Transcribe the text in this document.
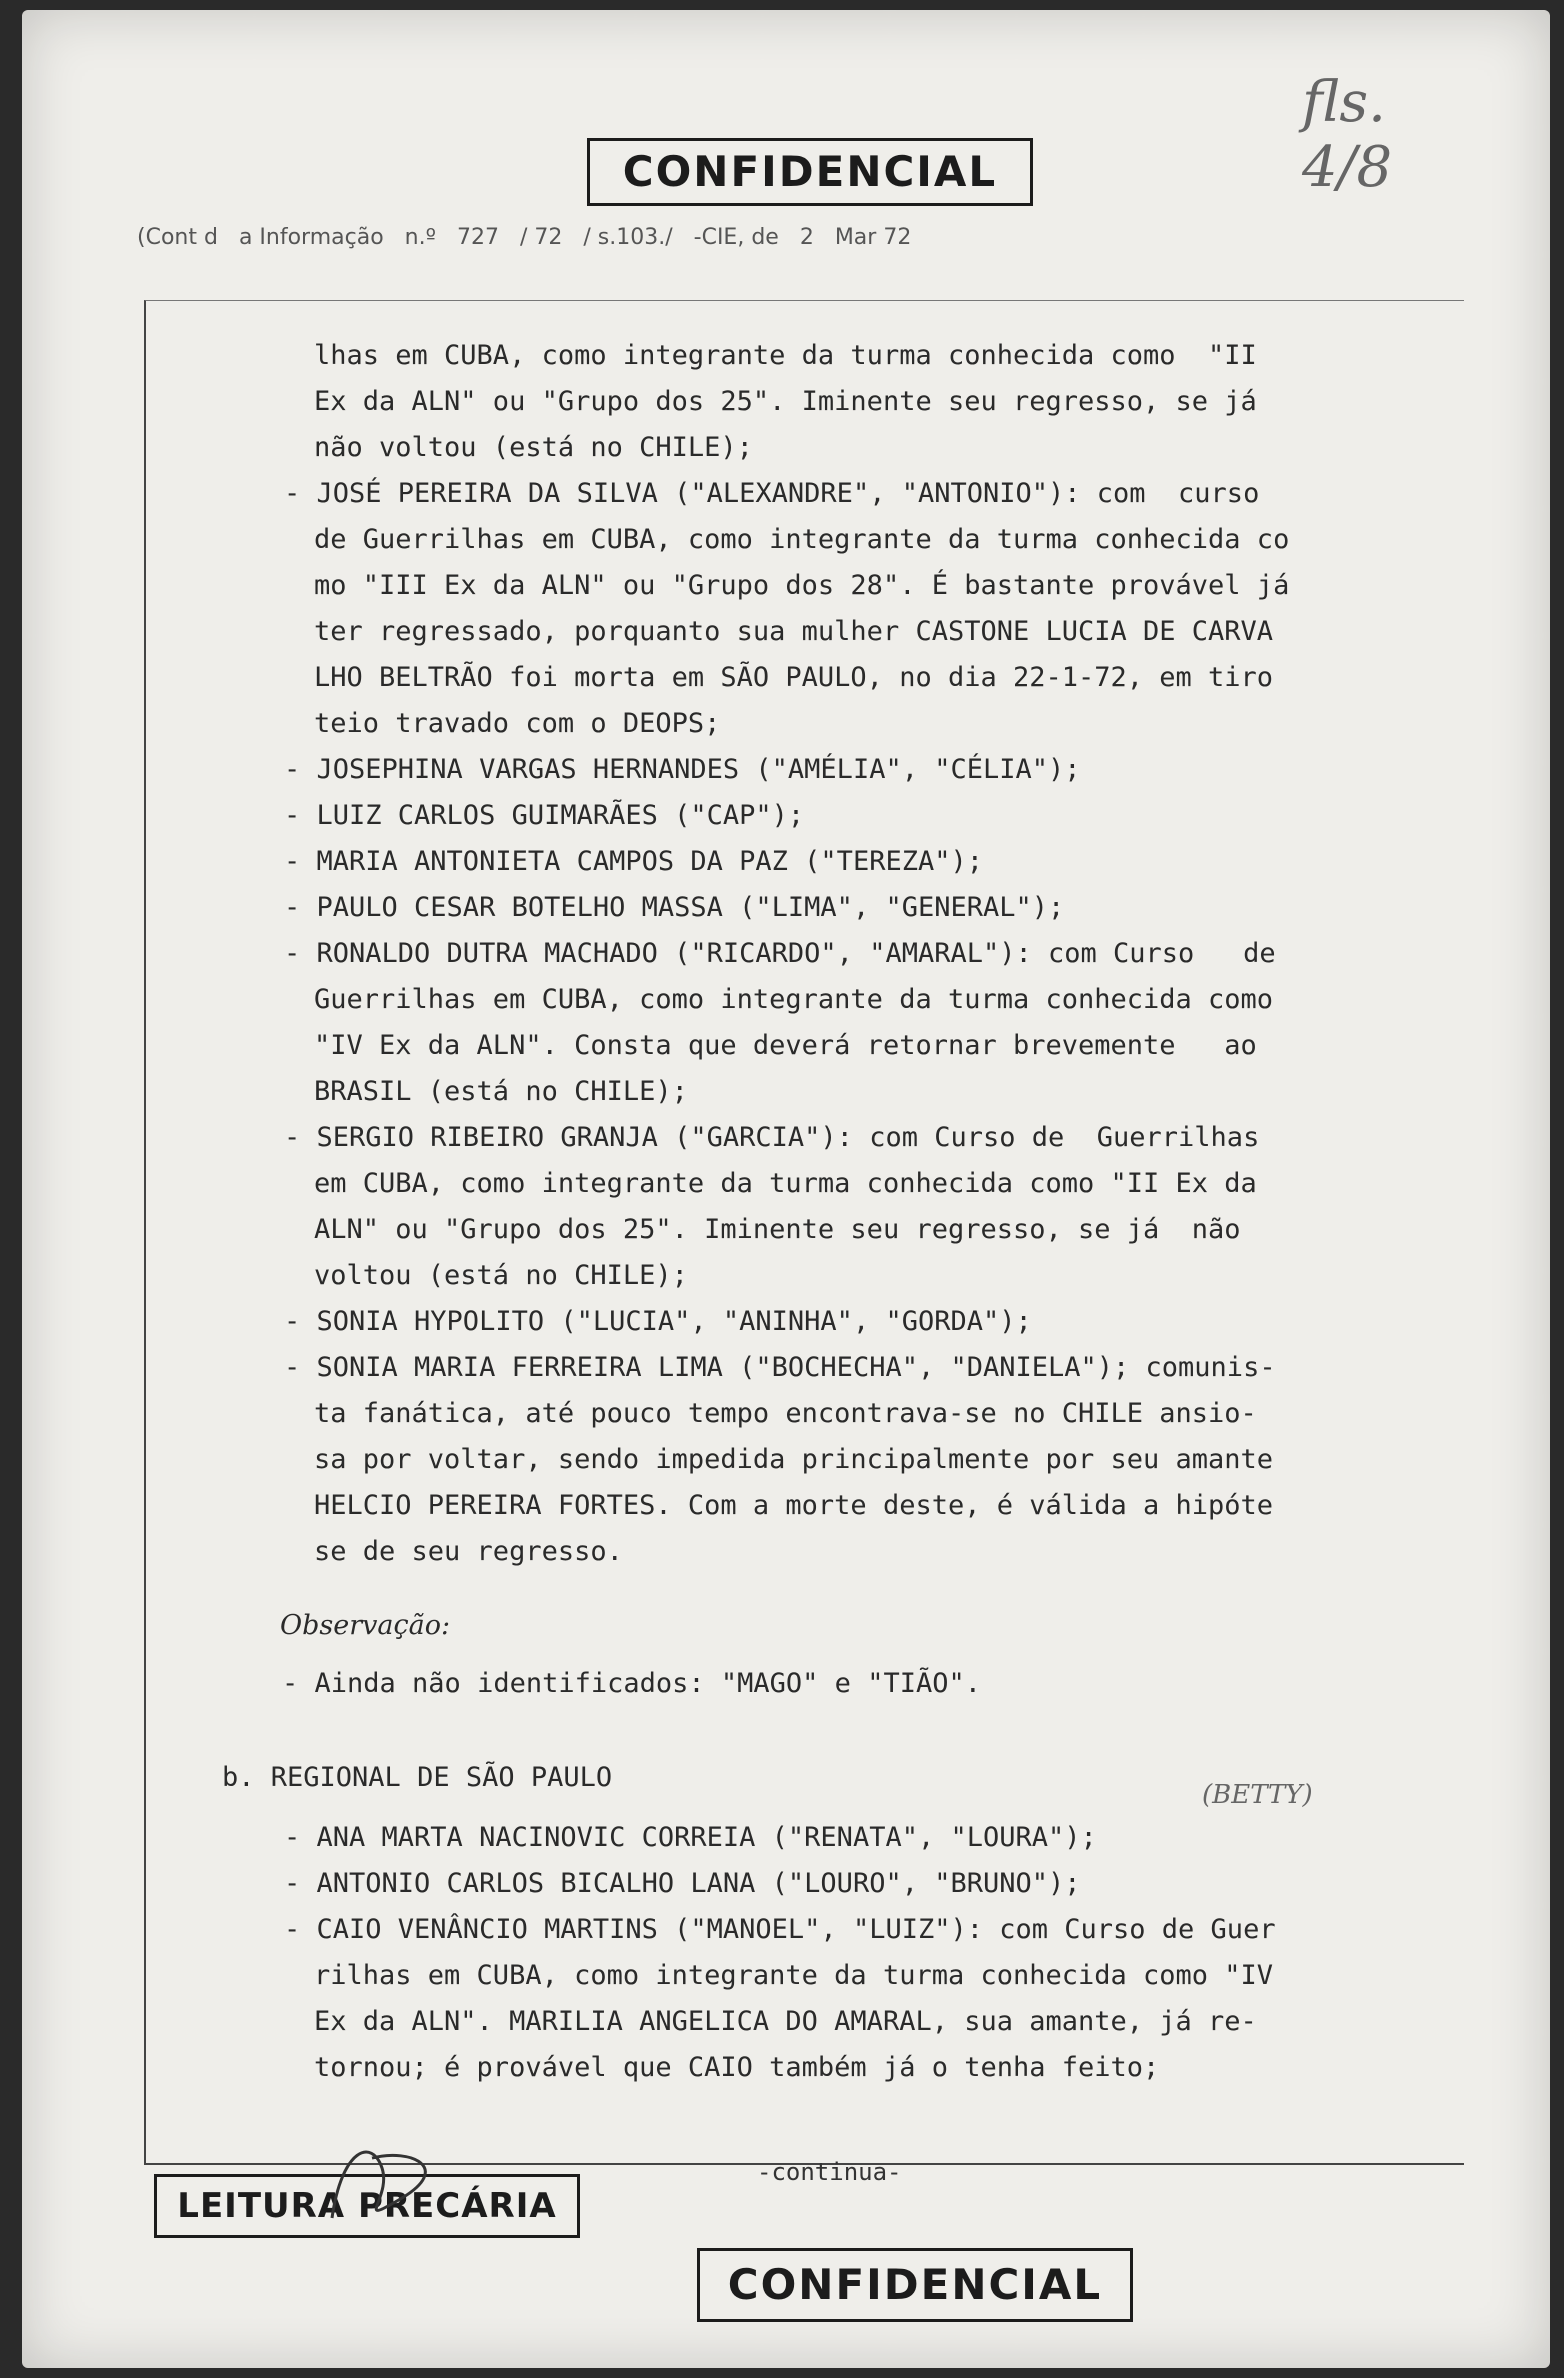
fls. 4/8
CONFIDENCIAL
(Cont d a Informação n.º 727 / 72 / s.103./ -CIE, de 2 Mar 72
lhas em CUBA, como integrante da turma conhecida como  "II
Ex da ALN" ou "Grupo dos 25". Iminente seu regresso, se já
não voltou (está no CHILE);
- JOSÉ PEREIRA DA SILVA ("ALEXANDRE", "ANTONIO"): com  curso
de Guerrilhas em CUBA, como integrante da turma conhecida co
mo "III Ex da ALN" ou "Grupo dos 28". É bastante provável já
ter regressado, porquanto sua mulher CASTONE LUCIA DE CARVA
LHO BELTRÃO foi morta em SÃO PAULO, no dia 22-1-72, em tiro
teio travado com o DEOPS;
- JOSEPHINA VARGAS HERNANDES ("AMÉLIA", "CÉLIA");
- LUIZ CARLOS GUIMARÃES ("CAP");
- MARIA ANTONIETA CAMPOS DA PAZ ("TEREZA");
- PAULO CESAR BOTELHO MASSA ("LIMA", "GENERAL");
- RONALDO DUTRA MACHADO ("RICARDO", "AMARAL"): com Curso   de
Guerrilhas em CUBA, como integrante da turma conhecida como
"IV Ex da ALN". Consta que deverá retornar brevemente   ao
BRASIL (está no CHILE);
- SERGIO RIBEIRO GRANJA ("GARCIA"): com Curso de  Guerrilhas
em CUBA, como integrante da turma conhecida como "II Ex da
ALN" ou "Grupo dos 25". Iminente seu regresso, se já  não
voltou (está no CHILE);
- SONIA HYPOLITO ("LUCIA", "ANINHA", "GORDA");
- SONIA MARIA FERREIRA LIMA ("BOCHECHA", "DANIELA"); comunis-
ta fanática, até pouco tempo encontrava-se no CHILE ansio-
sa por voltar, sendo impedida principalmente por seu amante
HELCIO PEREIRA FORTES. Com a morte deste, é válida a hipóte
se de seu regresso.
Observação:
- Ainda não identificados: "MAGO" e "TIÃO".
b. REGIONAL DE SÃO PAULO
(BETTY)
- ANA MARTA NACINOVIC CORREIA ("RENATA", "LOURA");
- ANTONIO CARLOS BICALHO LANA ("LOURO", "BRUNO");
- CAIO VENÂNCIO MARTINS ("MANOEL", "LUIZ"): com Curso de Guer
rilhas em CUBA, como integrante da turma conhecida como "IV
Ex da ALN". MARILIA ANGELICA DO AMARAL, sua amante, já re-
tornou; é provável que CAIO também já o tenha feito;
-continua-
LEITURA PRECÁRIA
CONFIDENCIAL
